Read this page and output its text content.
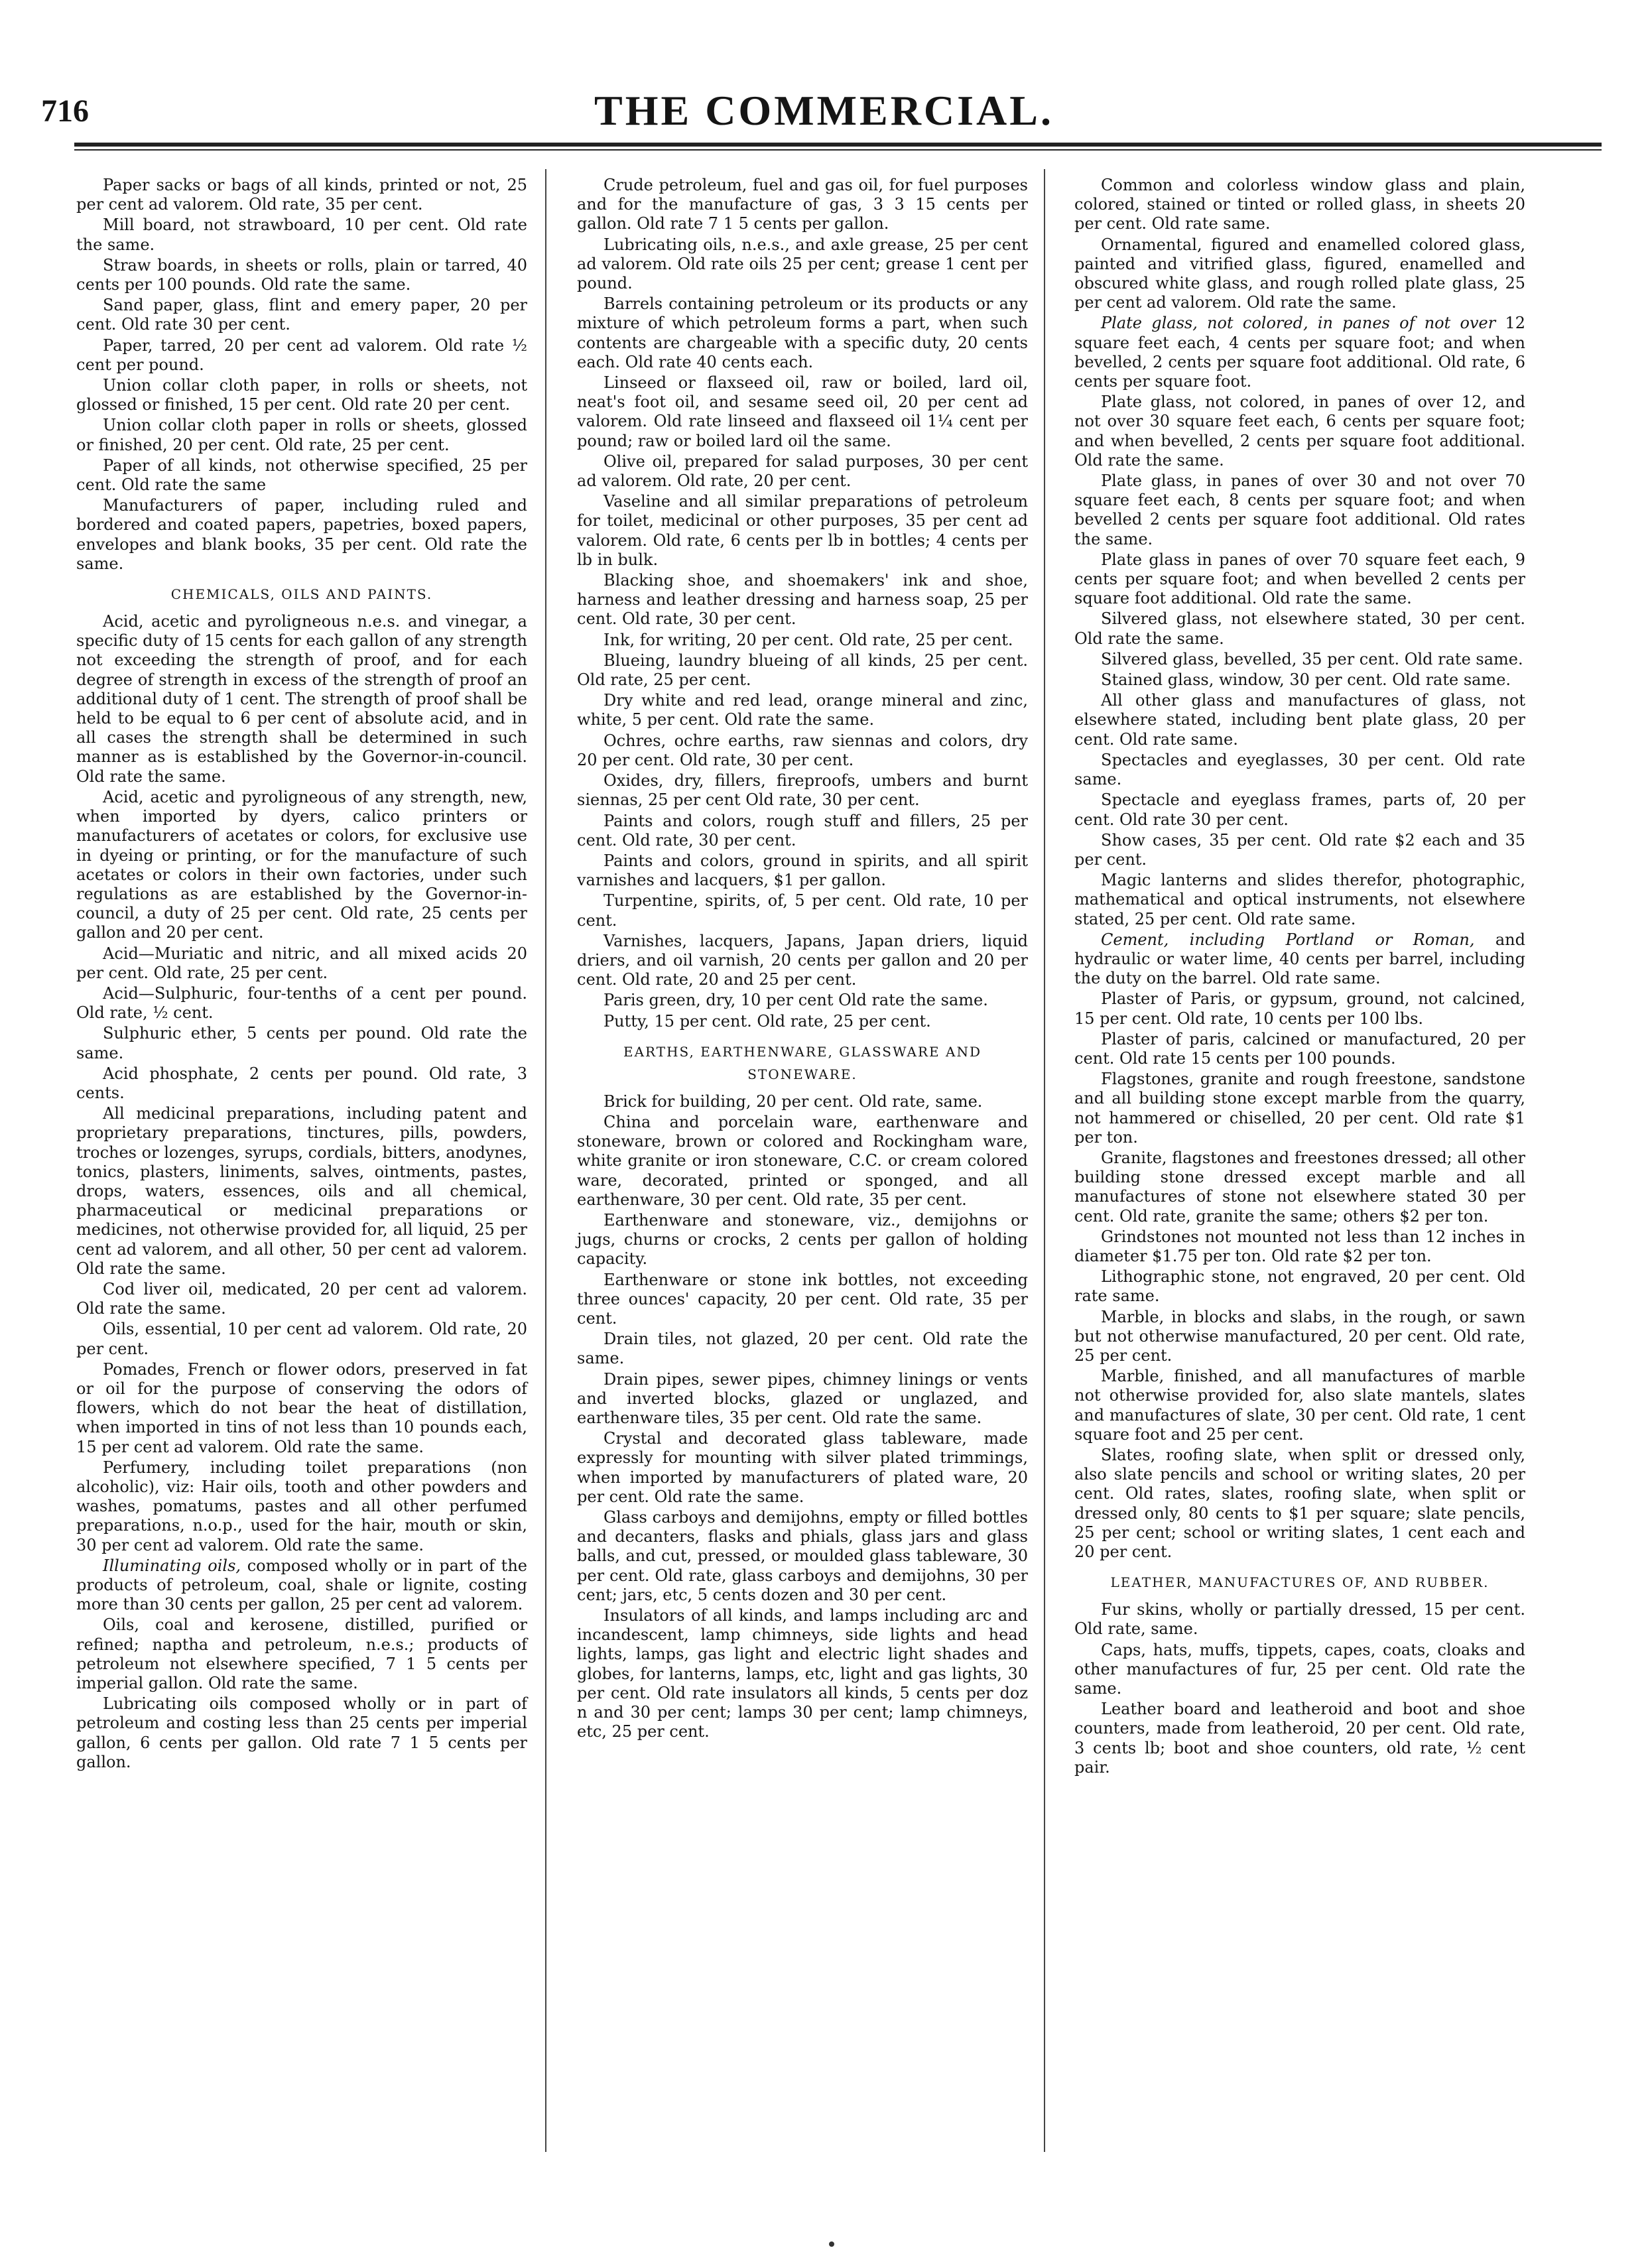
716	THE COMMERCIAL.

Paper sacks or bags of all kinds, printed or not, 25 per cent ad valorem. Old rate, 35 per cent.

Mill board, not strawboard, 10 per cent. Old rate the same.

Straw boards, in sheets or rolls, plain or tarred, 40 cents per 100 pounds. Old rate the same.

Sand paper, glass, flint and emery paper, 20 per cent. Old rate 30 per cent.

Paper, tarred, 20 per cent ad valorem. Old rate ½ cent per pound.

Union collar cloth paper, in rolls or sheets, not glossed or finished, 15 per cent. Old rate 20 per cent.

Union collar cloth paper in rolls or sheets, glossed or finished, 20 per cent. Old rate, 25 per cent.

Paper of all kinds, not otherwise specified, 25 per cent. Old rate the same

Manufacturers of paper, including ruled and bordered and coated papers, papetries, boxed papers, envelopes and blank books, 35 per cent. Old rate the same.

CHEMICALS, OILS AND PAINTS.

Acid, acetic and pyroligneous n.e.s. and vinegar, a specific duty of 15 cents for each gallon of any strength not exceeding the strength of proof, and for each degree of strength in excess of the strength of proof an additional duty of 1 cent. The strength of proof shall be held to be equal to 6 per cent of absolute acid, and in all cases the strength shall be determined in such manner as is established by the Governor-in-council. Old rate the same.

Acid, acetic and pyroligneous of any strength, new, when imported by dyers, calico printers or manufacturers of acetates or colors, for exclusive use in dyeing or printing, or for the manufacture of such acetates or colors in their own factories, under such regulations as are established by the Governor-in-council, a duty of 25 per cent. Old rate, 25 cents per gallon and 20 per cent.

Acid—Muriatic and nitric, and all mixed acids 20 per cent. Old rate, 25 per cent.

Acid—Sulphuric, four-tenths of a cent per pound. Old rate, ½ cent.

Sulphuric ether, 5 cents per pound. Old rate the same.

Acid phosphate, 2 cents per pound. Old rate, 3 cents.

All medicinal preparations, including patent and proprietary preparations, tinctures, pills, powders, troches or lozenges, syrups, cordials, bitters, anodynes, tonics, plasters, liniments, salves, ointments, pastes, drops, waters, essences, oils and all chemical, pharmaceutical or medicinal preparations or medicines, not otherwise provided for, all liquid, 25 per cent ad valorem, and all other, 50 per cent ad valorem. Old rate the same.

Cod liver oil, medicated, 20 per cent ad valorem. Old rate the same.

Oils, essential, 10 per cent ad valorem. Old rate, 20 per cent.

Pomades, French or flower odors, preserved in fat or oil for the purpose of conserving the odors of flowers, which do not bear the heat of distillation, when imported in tins of not less than 10 pounds each, 15 per cent ad valorem. Old rate the same.

Perfumery, including toilet preparations (non alcoholic), viz: Hair oils, tooth and other powders and washes, pomatums, pastes and all other perfumed preparations, n.o.p., used for the hair, mouth or skin, 30 per cent ad valorem. Old rate the same.

Illuminating oils, composed wholly or in part of the products of petroleum, coal, shale or lignite, costing more than 30 cents per gallon, 25 per cent ad valorem.

Oils, coal and kerosene, distilled, purified or refined; naptha and petroleum, n.e.s.; products of petroleum not elsewhere specified, 7 1 5 cents per imperial gallon. Old rate the same.

Lubricating oils composed wholly or in part of petroleum and costing less than 25 cents per imperial gallon, 6 cents per gallon. Old rate 7 1 5 cents per gallon.

Crude petroleum, fuel and gas oil, for fuel purposes and for the manufacture of gas, 3 3 15 cents per gallon. Old rate 7 1 5 cents per gallon.

Lubricating oils, n.e.s., and axle grease, 25 per cent ad valorem. Old rate oils 25 per cent; grease 1 cent per pound.

Barrels containing petroleum or its products or any mixture of which petroleum forms a part, when such contents are chargeable with a specific duty, 20 cents each. Old rate 40 cents each.

Linseed or flaxseed oil, raw or boiled, lard oil, neat's foot oil, and sesame seed oil, 20 per cent ad valorem. Old rate linseed and flaxseed oil 1¼ cent per pound; raw or boiled lard oil the same.

Olive oil, prepared for salad purposes, 30 per cent ad valorem. Old rate, 20 per cent.

Vaseline and all similar preparations of petroleum for toilet, medicinal or other purposes, 35 per cent ad valorem. Old rate, 6 cents per lb in bottles; 4 cents per lb in bulk.

Blacking shoe, and shoemakers' ink and shoe, harness and leather dressing and harness soap, 25 per cent. Old rate, 30 per cent.

Ink, for writing, 20 per cent. Old rate, 25 per cent.

Blueing, laundry blueing of all kinds, 25 per cent. Old rate, 25 per cent.

Dry white and red lead, orange mineral and zinc, white, 5 per cent. Old rate the same.

Ochres, ochre earths, raw siennas and colors, dry 20 per cent. Old rate, 30 per cent.

Oxides, dry, fillers, fireproofs, umbers and burnt siennas, 25 per cent Old rate, 30 per cent.

Paints and colors, rough stuff and fillers, 25 per cent. Old rate, 30 per cent.

Paints and colors, ground in spirits, and all spirit varnishes and lacquers, $1 per gallon.

Turpentine, spirits, of, 5 per cent. Old rate, 10 per cent.

Varnishes, lacquers, Japans, Japan driers, liquid driers, and oil varnish, 20 cents per gallon and 20 per cent. Old rate, 20 and 25 per cent.

Paris green, dry, 10 per cent Old rate the same.

Putty, 15 per cent. Old rate, 25 per cent.

EARTHS, EARTHENWARE, GLASSWARE AND STONEWARE.

Brick for building, 20 per cent. Old rate, same.

China and porcelain ware, earthenware and stoneware, brown or colored and Rockingham ware, white granite or iron stoneware, C.C. or cream colored ware, decorated, printed or sponged, and all earthenware, 30 per cent. Old rate, 35 per cent.

Earthenware and stoneware, viz., demijohns or jugs, churns or crocks, 2 cents per gallon of holding capacity.

Earthenware or stone ink bottles, not exceeding three ounces' capacity, 20 per cent. Old rate, 35 per cent.

Drain tiles, not glazed, 20 per cent. Old rate the same.

Drain pipes, sewer pipes, chimney linings or vents and inverted blocks, glazed or unglazed, and earthenware tiles, 35 per cent. Old rate the same.

Crystal and decorated glass tableware, made expressly for mounting with silver plated trimmings, when imported by manufacturers of plated ware, 20 per cent. Old rate the same.

Glass carboys and demijohns, empty or filled bottles and decanters, flasks and phials, glass jars and glass balls, and cut, pressed, or moulded glass tableware, 30 per cent. Old rate, glass carboys and demijohns, 30 per cent; jars, etc, 5 cents dozen and 30 per cent.

Insulators of all kinds, and lamps including arc and incandescent, lamp chimneys, side lights and head lights, lamps, gas light and electric light shades and globes, for lanterns, lamps, etc, light and gas lights, 30 per cent. Old rate insulators all kinds, 5 cents per doz n and 30 per cent; lamps 30 per cent; lamp chimneys, etc, 25 per cent.

Common and colorless window glass and plain, colored, stained or tinted or rolled glass, in sheets 20 per cent. Old rate same.

Ornamental, figured and enamelled colored glass, painted and vitrified glass, figured, enamelled and obscured white glass, and rough rolled plate glass, 25 per cent ad valorem. Old rate the same.

Plate glass, not colored, in panes of not over 12 square feet each, 4 cents per square foot; and when bevelled, 2 cents per square foot additional. Old rate, 6 cents per square foot.

Plate glass, not colored, in panes of over 12, and not over 30 square feet each, 6 cents per square foot; and when bevelled, 2 cents per square foot additional. Old rate the same.

Plate glass, in panes of over 30 and not over 70 square feet each, 8 cents per square foot; and when bevelled 2 cents per square foot additional. Old rates the same.

Plate glass in panes of over 70 square feet each, 9 cents per square foot; and when bevelled 2 cents per square foot additional. Old rate the same.

Silvered glass, not elsewhere stated, 30 per cent. Old rate the same.

Silvered glass, bevelled, 35 per cent. Old rate same.

Stained glass, window, 30 per cent. Old rate same.

All other glass and manufactures of glass, not elsewhere stated, including bent plate glass, 20 per cent. Old rate same.

Spectacles and eyeglasses, 30 per cent. Old rate same.

Spectacle and eyeglass frames, parts of, 20 per cent. Old rate 30 per cent.

Show cases, 35 per cent. Old rate $2 each and 35 per cent.

Magic lanterns and slides therefor, photographic, mathematical and optical instruments, not elsewhere stated, 25 per cent. Old rate same.

Cement, including Portland or Roman, and hydraulic or water lime, 40 cents per barrel, including the duty on the barrel. Old rate same.

Plaster of Paris, or gypsum, ground, not calcined, 15 per cent. Old rate, 10 cents per 100 lbs.

Plaster of paris, calcined or manufactured, 20 per cent. Old rate 15 cents per 100 pounds.

Flagstones, granite and rough freestone, sandstone and all building stone except marble from the quarry, not hammered or chiselled, 20 per cent. Old rate $1 per ton.

Granite, flagstones and freestones dressed; all other building stone dressed except marble and all manufactures of stone not elsewhere stated 30 per cent. Old rate, granite the same; others $2 per ton.

Grindstones not mounted not less than 12 inches in diameter $1.75 per ton. Old rate $2 per ton.

Lithographic stone, not engraved, 20 per cent. Old rate same.

Marble, in blocks and slabs, in the rough, or sawn but not otherwise manufactured, 20 per cent. Old rate, 25 per cent.

Marble, finished, and all manufactures of marble not otherwise provided for, also slate mantels, slates and manufactures of slate, 30 per cent. Old rate, 1 cent square foot and 25 per cent.

Slates, roofing slate, when split or dressed only, also slate pencils and school or writing slates, 20 per cent. Old rates, slates, roofing slate, when split or dressed only, 80 cents to $1 per square; slate pencils, 25 per cent; school or writing slates, 1 cent each and 20 per cent.

LEATHER, MANUFACTURES OF, AND RUBBER.

Fur skins, wholly or partially dressed, 15 per cent. Old rate, same.

Caps, hats, muffs, tippets, capes, coats, cloaks and other manufactures of fur, 25 per cent. Old rate the same.

Leather board and leatheroid and boot and shoe counters, made from leatheroid, 20 per cent. Old rate, 3 cents lb; boot and shoe counters, old rate, ½ cent pair.
